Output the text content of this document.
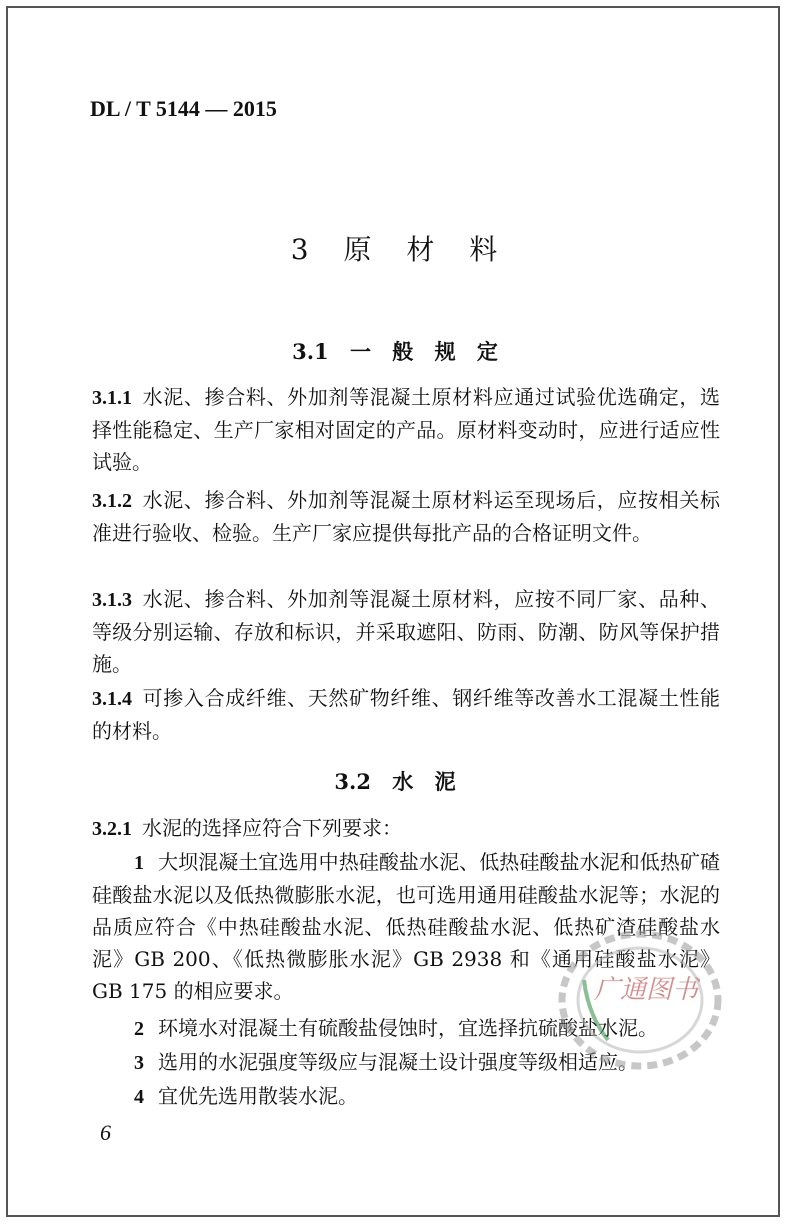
DL / T 5144 — 2015
3 原 材 料
3.1 一 般 规 定

3.1.1 水泥、掺合料、外加剂等混凝土原材料应通过试验优选确定，选择性能稳定、生产厂家相对固定的产品。原材料变动时，应进行适应性试验。

3.1.2 水泥、掺合料、外加剂等混凝土原材料运至现场后，应按相关标准进行验收、检验。生产厂家应提供每批产品的合格证明文件。

3.1.3 水泥、掺合料、外加剂等混凝土原材料，应按不同厂家、品种、等级分别运输、存放和标识，并采取遮阳、防雨、防潮、防风等保护措施。

3.1.4 可掺入合成纤维、天然矿物纤维、钢纤维等改善水工混凝土性能的材料。

3.2 水 泥

3.2.1 水泥的选择应符合下列要求：

1 大坝混凝土宜选用中热硅酸盐水泥、低热硅酸盐水泥和低热矿碴硅酸盐水泥以及低热微膨胀水泥，也可选用通用硅酸盐水泥等；水泥的品质应符合《中热硅酸盐水泥、低热硅酸盐水泥、低热矿渣硅酸盐水泥》GB 200、《低热微膨胀水泥》GB 2938 和《通用硅酸盐水泥》GB 175 的相应要求。

2 环境水对混凝土有硫酸盐侵蚀时，宜选择抗硫酸盐水泥。

3 选用的水泥强度等级应与混凝土设计强度等级相适应。

4 宜优先选用散装水泥。

6
广通图书
